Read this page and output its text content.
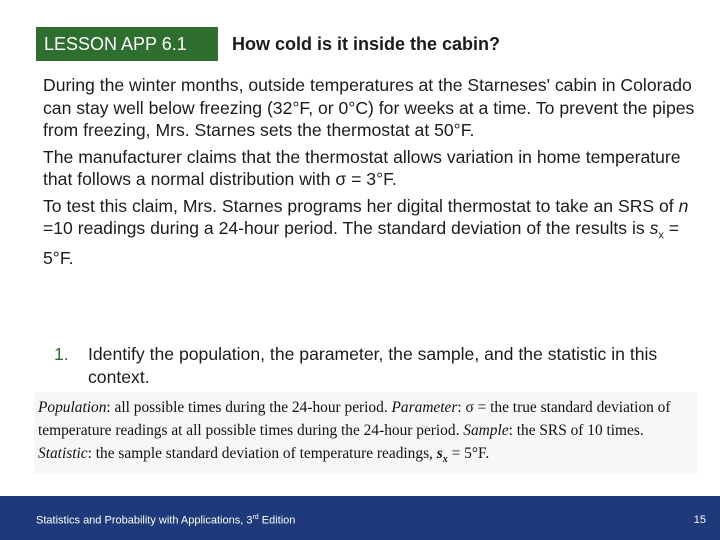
LESSON APP 6.1	How cold is it inside the cabin?

During the winter months, outside temperatures at the Starneses' cabin in Colorado can stay well below freezing (32°F, or 0°C) for weeks at a time. To prevent the pipes from freezing, Mrs. Starnes sets the thermostat at 50°F.

The manufacturer claims that the thermostat allows variation in home temperature that follows a normal distribution with σ = 3°F.

To test this claim, Mrs. Starnes programs her digital thermostat to take an SRS of n =10 readings during a 24-hour period. The standard deviation of the results is $s_x = 5^\circ F$.

1. Identify the population, the parameter, the sample, and the statistic in this context.
Population: all possible times during the 24-hour period. Parameter: σ = the true standard deviation of temperature readings at all possible times during the 24-hour period. Sample: the SRS of 10 times. Statistic: the sample standard deviation of temperature readings, $s_x = 5^\circ F$.
Statistics and Probability with Applications, 3rd Edition	15
